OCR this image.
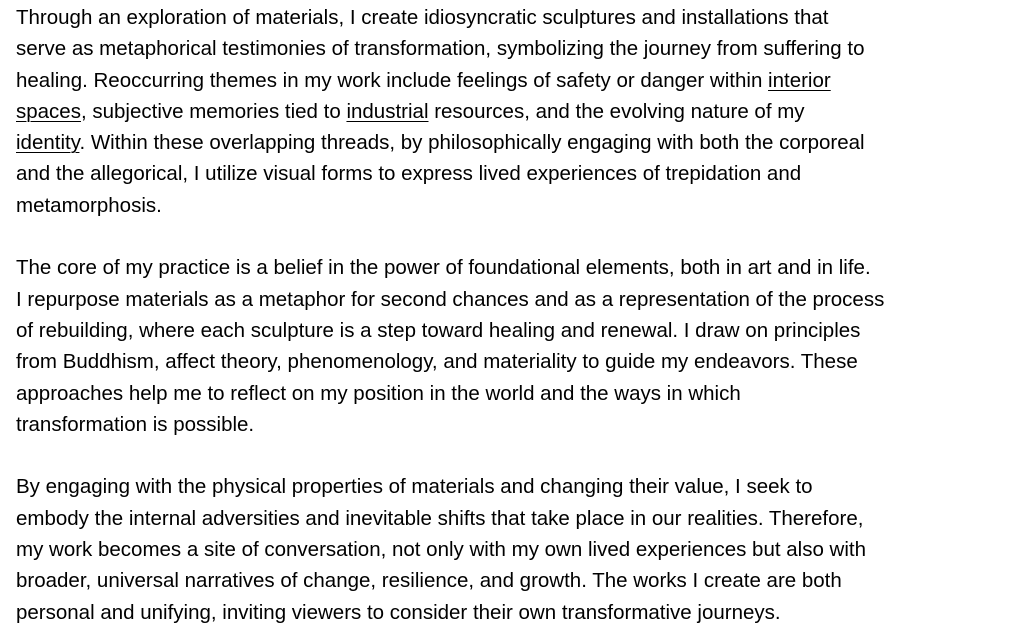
Through an exploration of materials, I create idiosyncratic sculptures and installations that
serve as metaphorical testimonies of transformation, symbolizing the journey from suffering to
healing. Reoccurring themes in my work include feelings of safety or danger within interior
spaces, subjective memories tied to industrial resources, and the evolving nature of my
identity. Within these overlapping threads, by philosophically engaging with both the corporeal
and the allegorical, I utilize visual forms to express lived experiences of trepidation and
metamorphosis.

The core of my practice is a belief in the power of foundational elements, both in art and in life.
I repurpose materials as a metaphor for second chances and as a representation of the process
of rebuilding, where each sculpture is a step toward healing and renewal. I draw on principles
from Buddhism, affect theory, phenomenology, and materiality to guide my endeavors. These
approaches help me to reflect on my position in the world and the ways in which
transformation is possible.

By engaging with the physical properties of materials and changing their value, I seek to
embody the internal adversities and inevitable shifts that take place in our realities. Therefore,
my work becomes a site of conversation, not only with my own lived experiences but also with
broader, universal narratives of change, resilience, and growth. The works I create are both
personal and unifying, inviting viewers to consider their own transformative journeys.
